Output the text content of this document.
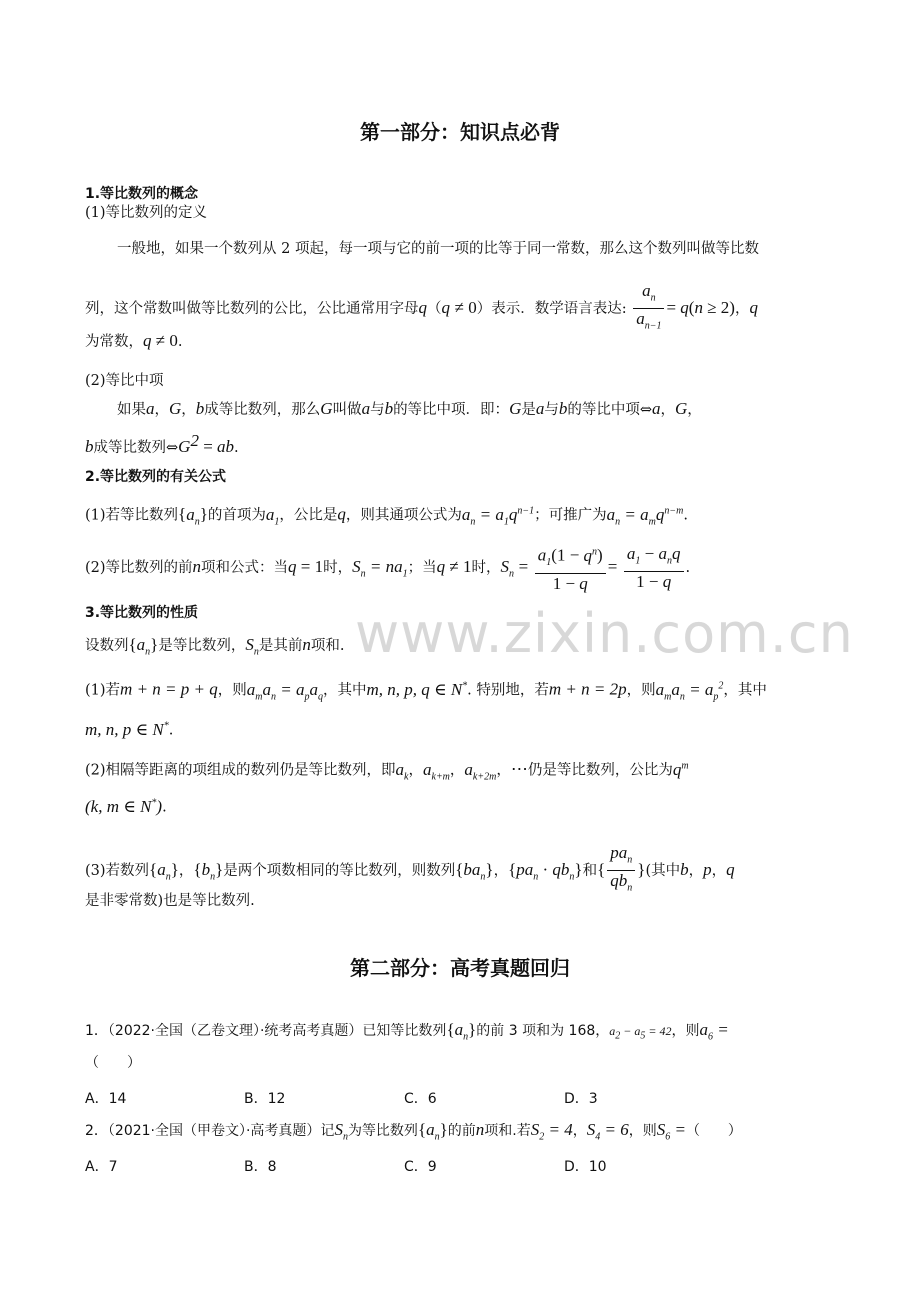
www.zixin.com.cn
第一部分：知识点必背
1.等比数列的概念
(1)等比数列的定义
一般地，如果一个数列从 2 项起，每一项与它的前一项的比等于同一常数，那么这个数列叫做等比数
列，这个常数叫做等比数列的公比，公比通常用字母q（q ≠ 0）表示．数学语言表达: $\frac{a_n}{a_{n-1}} = q(n \ge 2)$，q
为常数，q ≠ 0.
(2)等比中项
如果a，G，b成等比数列，那么G叫做a与b的等比中项．即：G是a与b的等比中项⇔a，G，
b成等比数列$\Leftrightarrow G^2$ = ab.
2.等比数列的有关公式
(1)若等比数列$\{a_n\}$的首项为$a_1$，公比是q，则其通项公式为$a_n = a_1q^{n-1}$；可推广为$a_n = a_mq^{n-m}$.
(2)等比数列的前n项和公式：当q = 1时，$S_n = na_1$；当q ≠ 1时，$S_n = \frac{a_1(1 - q^n)}{1 - q} = \frac{a_1 - a_nq}{1 - q}$ .
3.等比数列的性质
设数列$\{a_n\}$是等比数列，$S_n$是其前n项和.
(1)若m + n = p + q，则$a_ma_n = a_pa_q$，其中m, n, p, q ∈ N*. 特别地，若m + n = 2p，则$a_ma_n = a_p^2$，其中
m, n, p ∈ N*.
(2)相隔等距离的项组成的数列仍是等比数列，即$a_k$，$a_{k+m}$，$a_{k+2m}$，⋯仍是等比数列，公比为$q^m$
(k, m ∈ N*).
(3)若数列$\{a_n\}$，$\{b_n\}$是两个项数相同的等比数列，则数列$\{ba_n\}$，$\{pa_n \cdot qb_n\}$和{ $\frac{pa_n}{qb_n}$ }(其中b，p，q
是非零常数)也是等比数列.
第二部分：高考真题回归
1．（2022·全国（乙卷文理）·统考高考真题）已知等比数列$\{a_n\}$的前 3 项和为 168，$a_2 - a_5 = 42$，则$a_6$ =
（　　）
A．14	B．12	C．6	D．3
2．（2021·全国（甲卷文）·高考真题）记$S_n$为等比数列$\{a_n\}$的前n项和.若$S_2 = 4$，$S_4 = 6$，则$S_6$ =（　　）
A．7	B．8	C．9	D．10
